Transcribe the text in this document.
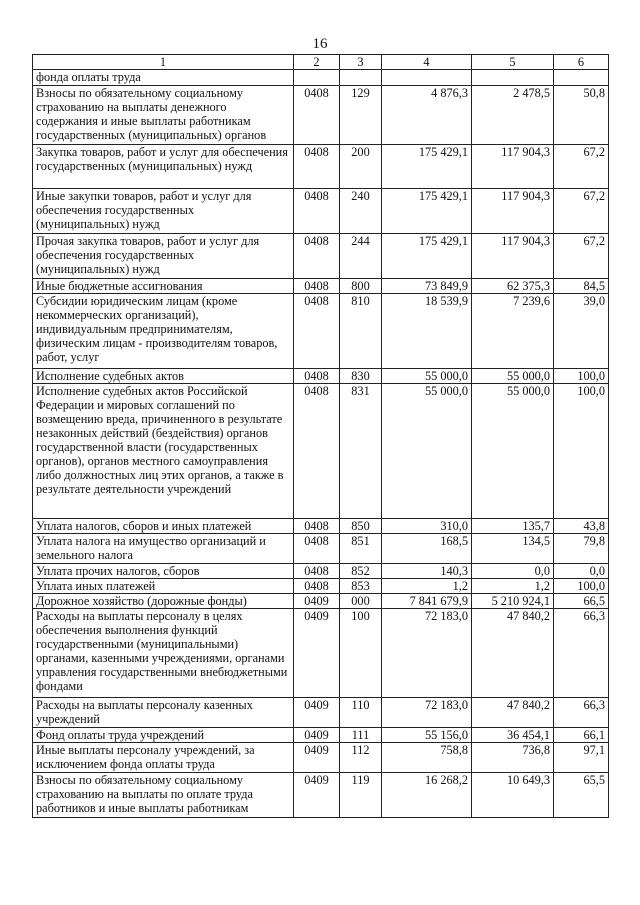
16
1	2	3	4	5	6
фонда оплаты труда					
Взносы по обязательному социальному страхованию на выплаты денежного содержания и иные выплаты работникам государственных (муниципальных) органов	0408	129	4 876,3	2 478,5	50,8
Закупка товаров, работ и услуг для обеспечения государственных (муниципальных) нужд	0408	200	175 429,1	117 904,3	67,2
Иные закупки товаров, работ и услуг для обеспечения государственных (муниципальных) нужд	0408	240	175 429,1	117 904,3	67,2
Прочая закупка товаров, работ и услуг для обеспечения государственных (муниципальных) нужд	0408	244	175 429,1	117 904,3	67,2
Иные бюджетные ассигнования	0408	800	73 849,9	62 375,3	84,5
Субсидии юридическим лицам (кроме некоммерческих организаций), индивидуальным предпринимателям, физическим лицам - производителям товаров, работ, услуг	0408	810	18 539,9	7 239,6	39,0
Исполнение судебных актов	0408	830	55 000,0	55 000,0	100,0
Исполнение судебных актов Российской Федерации и мировых соглашений по возмещению вреда, причиненного в результате незаконных действий (бездействия) органов государственной власти (государственных органов), органов местного самоуправления либо должностных лиц этих органов, а также в результате деятельности учреждений	0408	831	55 000,0	55 000,0	100,0
Уплата налогов, сборов и иных платежей	0408	850	310,0	135,7	43,8
Уплата налога на имущество организаций и земельного налога	0408	851	168,5	134,5	79,8
Уплата прочих налогов, сборов	0408	852	140,3	0,0	0,0
Уплата иных платежей	0408	853	1,2	1,2	100,0
Дорожное хозяйство (дорожные фонды)	0409	000	7 841 679,9	5 210 924,1	66,5
Расходы на выплаты персоналу в целях обеспечения выполнения функций государственными (муниципальными) органами, казенными учреждениями, органами управления государственными внебюджетными фондами	0409	100	72 183,0	47 840,2	66,3
Расходы на выплаты персоналу казенных учреждений	0409	110	72 183,0	47 840,2	66,3
Фонд оплаты труда учреждений	0409	111	55 156,0	36 454,1	66,1
Иные выплаты персоналу учреждений, за исключением фонда оплаты труда	0409	112	758,8	736,8	97,1
Взносы по обязательному социальному страхованию на выплаты по оплате труда работников и иные выплаты работникам	0409	119	16 268,2	10 649,3	65,5
